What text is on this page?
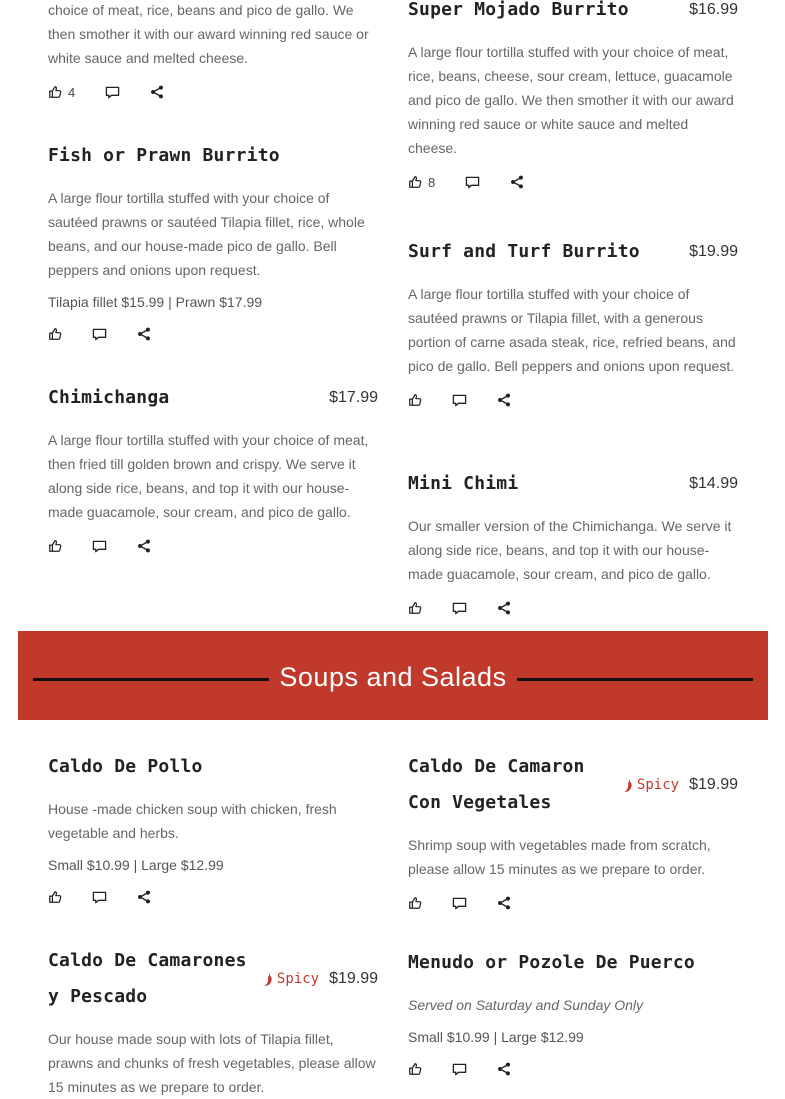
choice of meat, rice, beans and pico de gallo. We then smother it with our award winning red sauce or white sauce and melted cheese.

4
Fish or Prawn Burrito

A large flour tortilla stuffed with your choice of sautéed prawns or sautéed Tilapia fillet, rice, whole beans, and our house-made pico de gallo. Bell peppers and onions upon request.

Tilapia fillet $15.99 | Prawn $17.99

Chimichanga	$17.99

A large flour tortilla stuffed with your choice of meat, then fried till golden brown and crispy. We serve it along side rice, beans, and top it with our house-made guacamole, sour cream, and pico de gallo.

Super Mojado Burrito	$16.99

A large flour tortilla stuffed with your choice of meat, rice, beans, cheese, sour cream, lettuce, guacamole and pico de gallo. We then smother it with our award winning red sauce or white sauce and melted cheese.

8
Surf and Turf Burrito	$19.99

A large flour tortilla stuffed with your choice of sautéed prawns or Tilapia fillet, with a generous portion of carne asada steak, rice, refried beans, and pico de gallo. Bell peppers and onions upon request.

Mini Chimi	$14.99

Our smaller version of the Chimichanga. We serve it along side rice, beans, and top it with our house-made guacamole, sour cream, and pico de gallo.

Soups and Salads
Caldo De Pollo

House -made chicken soup with chicken, fresh vegetable and herbs.

Small $10.99 | Large $12.99

Caldo De Camaron
Con Vegetales
Spicy $19.99

Shrimp soup with vegetables made from scratch, please allow 15 minutes as we prepare to order.

Caldo De Camarones
y Pescado
Spicy $19.99

Our house made soup with lots of Tilapia fillet, prawns and chunks of fresh vegetables, please allow 15 minutes as we prepare to order.

Menudo or Pozole De Puerco

Served on Saturday and Sunday Only

Small $10.99 | Large $12.99
